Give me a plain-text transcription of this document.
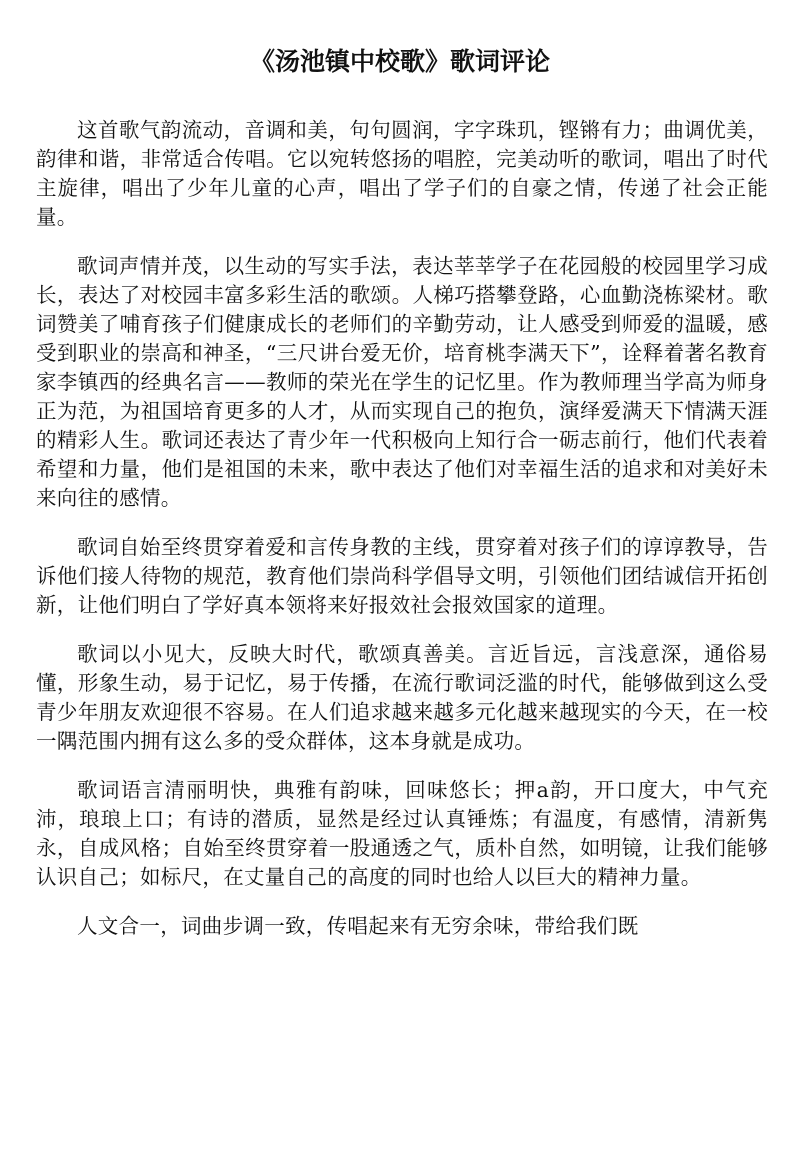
《汤池镇中校歌》歌词评论

这首歌气韵流动，音调和美，句句圆润，字字珠玑，铿锵有力；曲调优美，韵律和谐，非常适合传唱。它以宛转悠扬的唱腔，完美动听的歌词，唱出了时代主旋律，唱出了少年儿童的心声，唱出了学子们的自豪之情，传递了社会正能量。

歌词声情并茂，以生动的写实手法，表达莘莘学子在花园般的校园里学习成长，表达了对校园丰富多彩生活的歌颂。人梯巧搭攀登路，心血勤浇栋梁材。歌词赞美了哺育孩子们健康成长的老师们的辛勤劳动，让人感受到师爱的温暖，感受到职业的崇高和神圣，“三尺讲台爱无价，培育桃李满天下”，诠释着著名教育家李镇西的经典名言——教师的荣光在学生的记忆里。作为教师理当学高为师身正为范，为祖国培育更多的人才，从而实现自己的抱负，演绎爱满天下情满天涯的精彩人生。歌词还表达了青少年一代积极向上知行合一砺志前行，他们代表着希望和力量，他们是祖国的未来，歌中表达了他们对幸福生活的追求和对美好未来向往的感情。

歌词自始至终贯穿着爱和言传身教的主线，贯穿着对孩子们的谆谆教导，告诉他们接人待物的规范，教育他们崇尚科学倡导文明，引领他们团结诚信开拓创新，让他们明白了学好真本领将来好报效社会报效国家的道理。

歌词以小见大，反映大时代，歌颂真善美。言近旨远，言浅意深，通俗易懂，形象生动，易于记忆，易于传播，在流行歌词泛滥的时代，能够做到这么受青少年朋友欢迎很不容易。在人们追求越来越多元化越来越现实的今天，在一校一隅范围内拥有这么多的受众群体，这本身就是成功。

歌词语言清丽明快，典雅有韵味，回味悠长；押a韵，开口度大，中气充沛，琅琅上口；有诗的潜质，显然是经过认真锤炼；有温度，有感情，清新隽永，自成风格；自始至终贯穿着一股通透之气，质朴自然，如明镜，让我们能够认识自己；如标尺，在丈量自己的高度的同时也给人以巨大的精神力量。

人文合一，词曲步调一致，传唱起来有无穷余味，带给我们既
